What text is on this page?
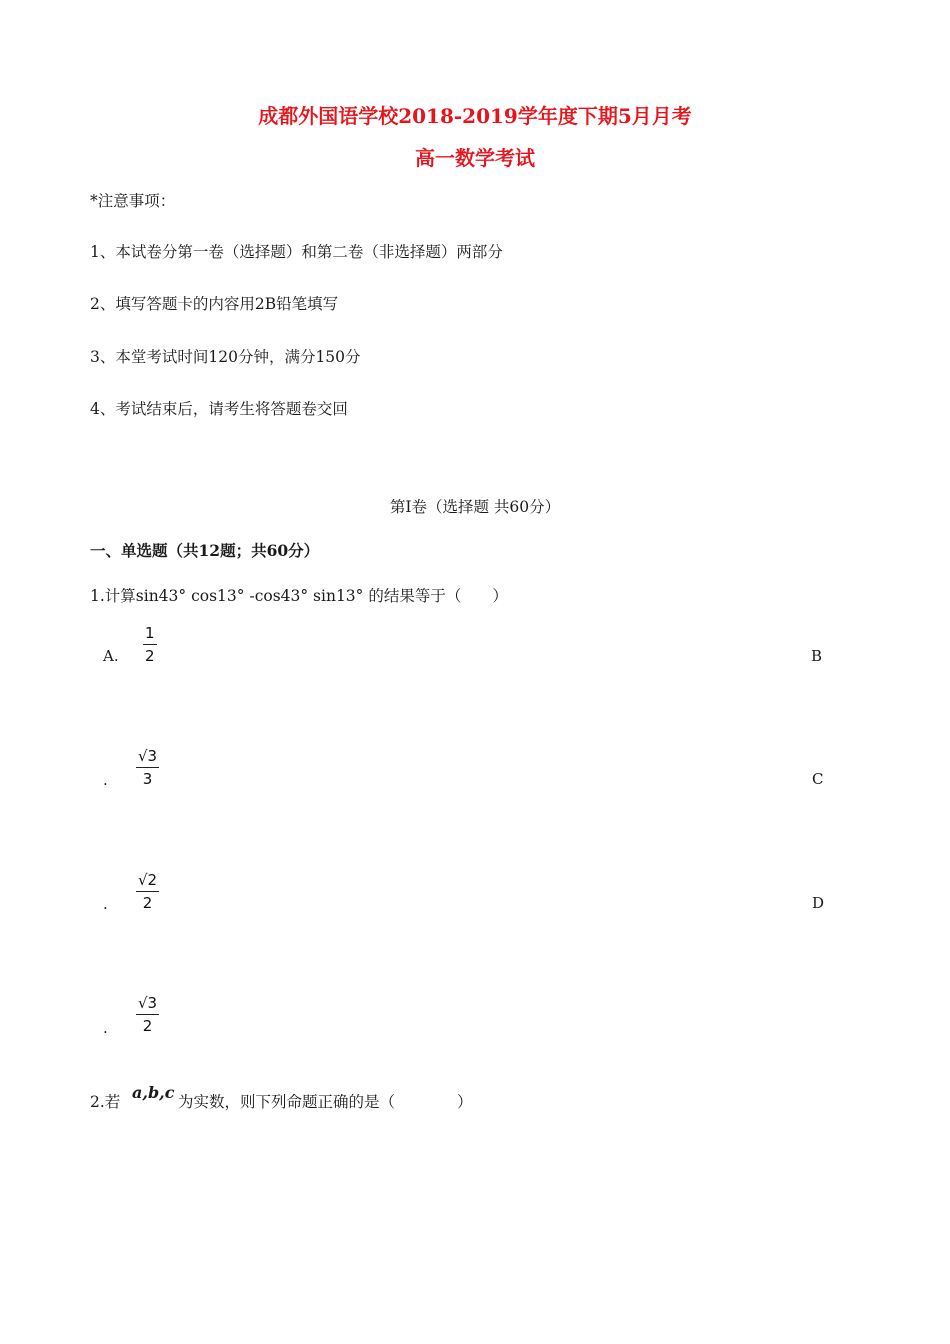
成都外国语学校2018-2019学年度下期5月月考
高一数学考试
*注意事项：
1、本试卷分第一卷（选择题）和第二卷（非选择题）两部分
2、填写答题卡的内容用2B铅笔填写
3、本堂考试时间120分钟，满分150分
4、考试结束后，请考生将答题卷交回
第Ⅰ卷（选择题 共60分）
一、单选题（共12题；共60分）
1.计算sin43° cos13° -cos43° sin13° 的结果等于（　　）
A.
1
2	B
.
√3
3	C
.
√2
2	D
.
√3
2
2.若 a,b,c 为实数，则下列命题正确的是（　　　　）
